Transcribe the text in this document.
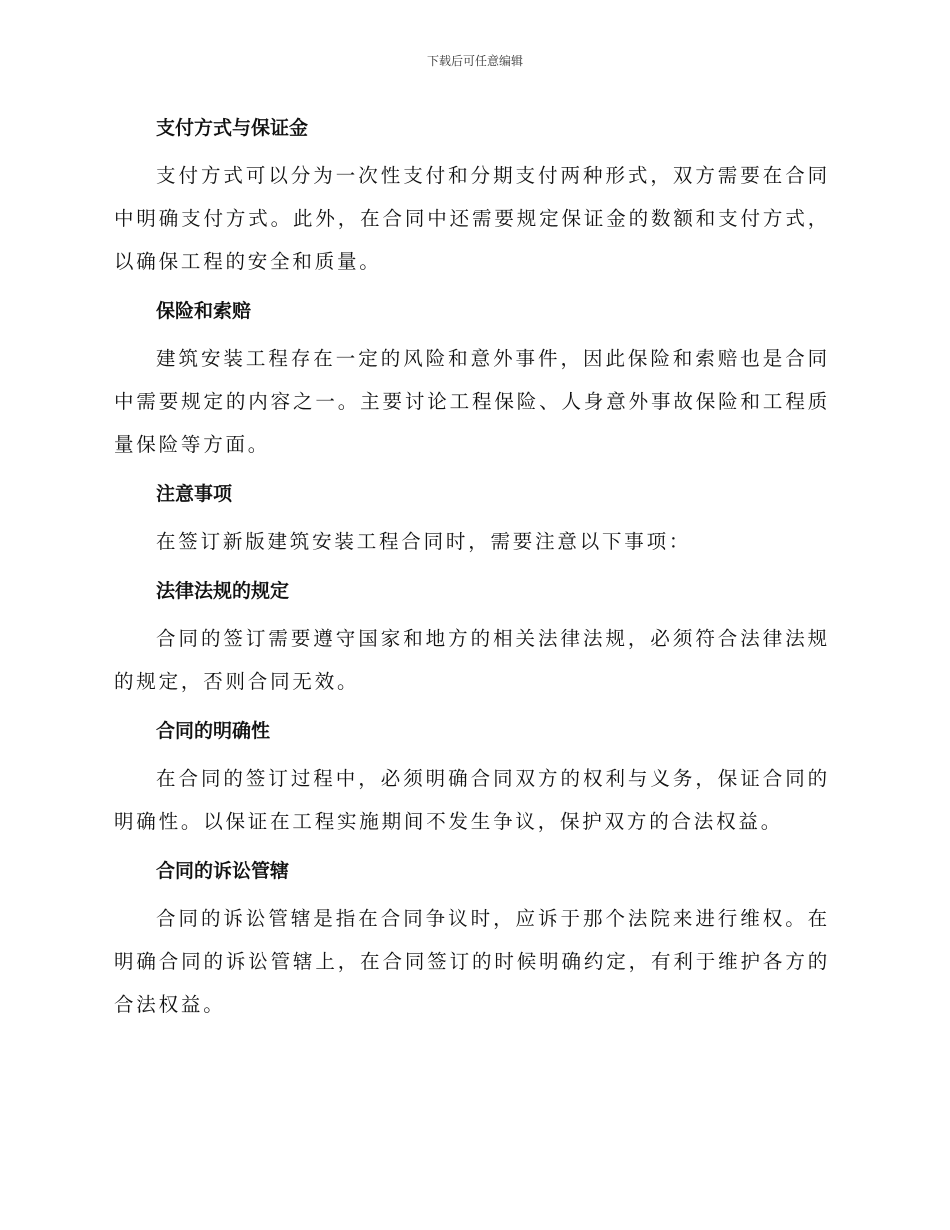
下载后可任意编辑
支付方式与保证金

支付方式可以分为一次性支付和分期支付两种形式，双方需要在合同中明确支付方式。此外，在合同中还需要规定保证金的数额和支付方式，以确保工程的安全和质量。

保险和索赔

建筑安装工程存在一定的风险和意外事件，因此保险和索赔也是合同中需要规定的内容之一。主要讨论工程保险、人身意外事故保险和工程质量保险等方面。

注意事项

在签订新版建筑安装工程合同时，需要注意以下事项：

法律法规的规定

合同的签订需要遵守国家和地方的相关法律法规，必须符合法律法规的规定，否则合同无效。

合同的明确性

在合同的签订过程中，必须明确合同双方的权利与义务，保证合同的明确性。以保证在工程实施期间不发生争议，保护双方的合法权益。

合同的诉讼管辖

合同的诉讼管辖是指在合同争议时，应诉于那个法院来进行维权。在明确合同的诉讼管辖上，在合同签订的时候明确约定，有利于维护各方的合法权益。
